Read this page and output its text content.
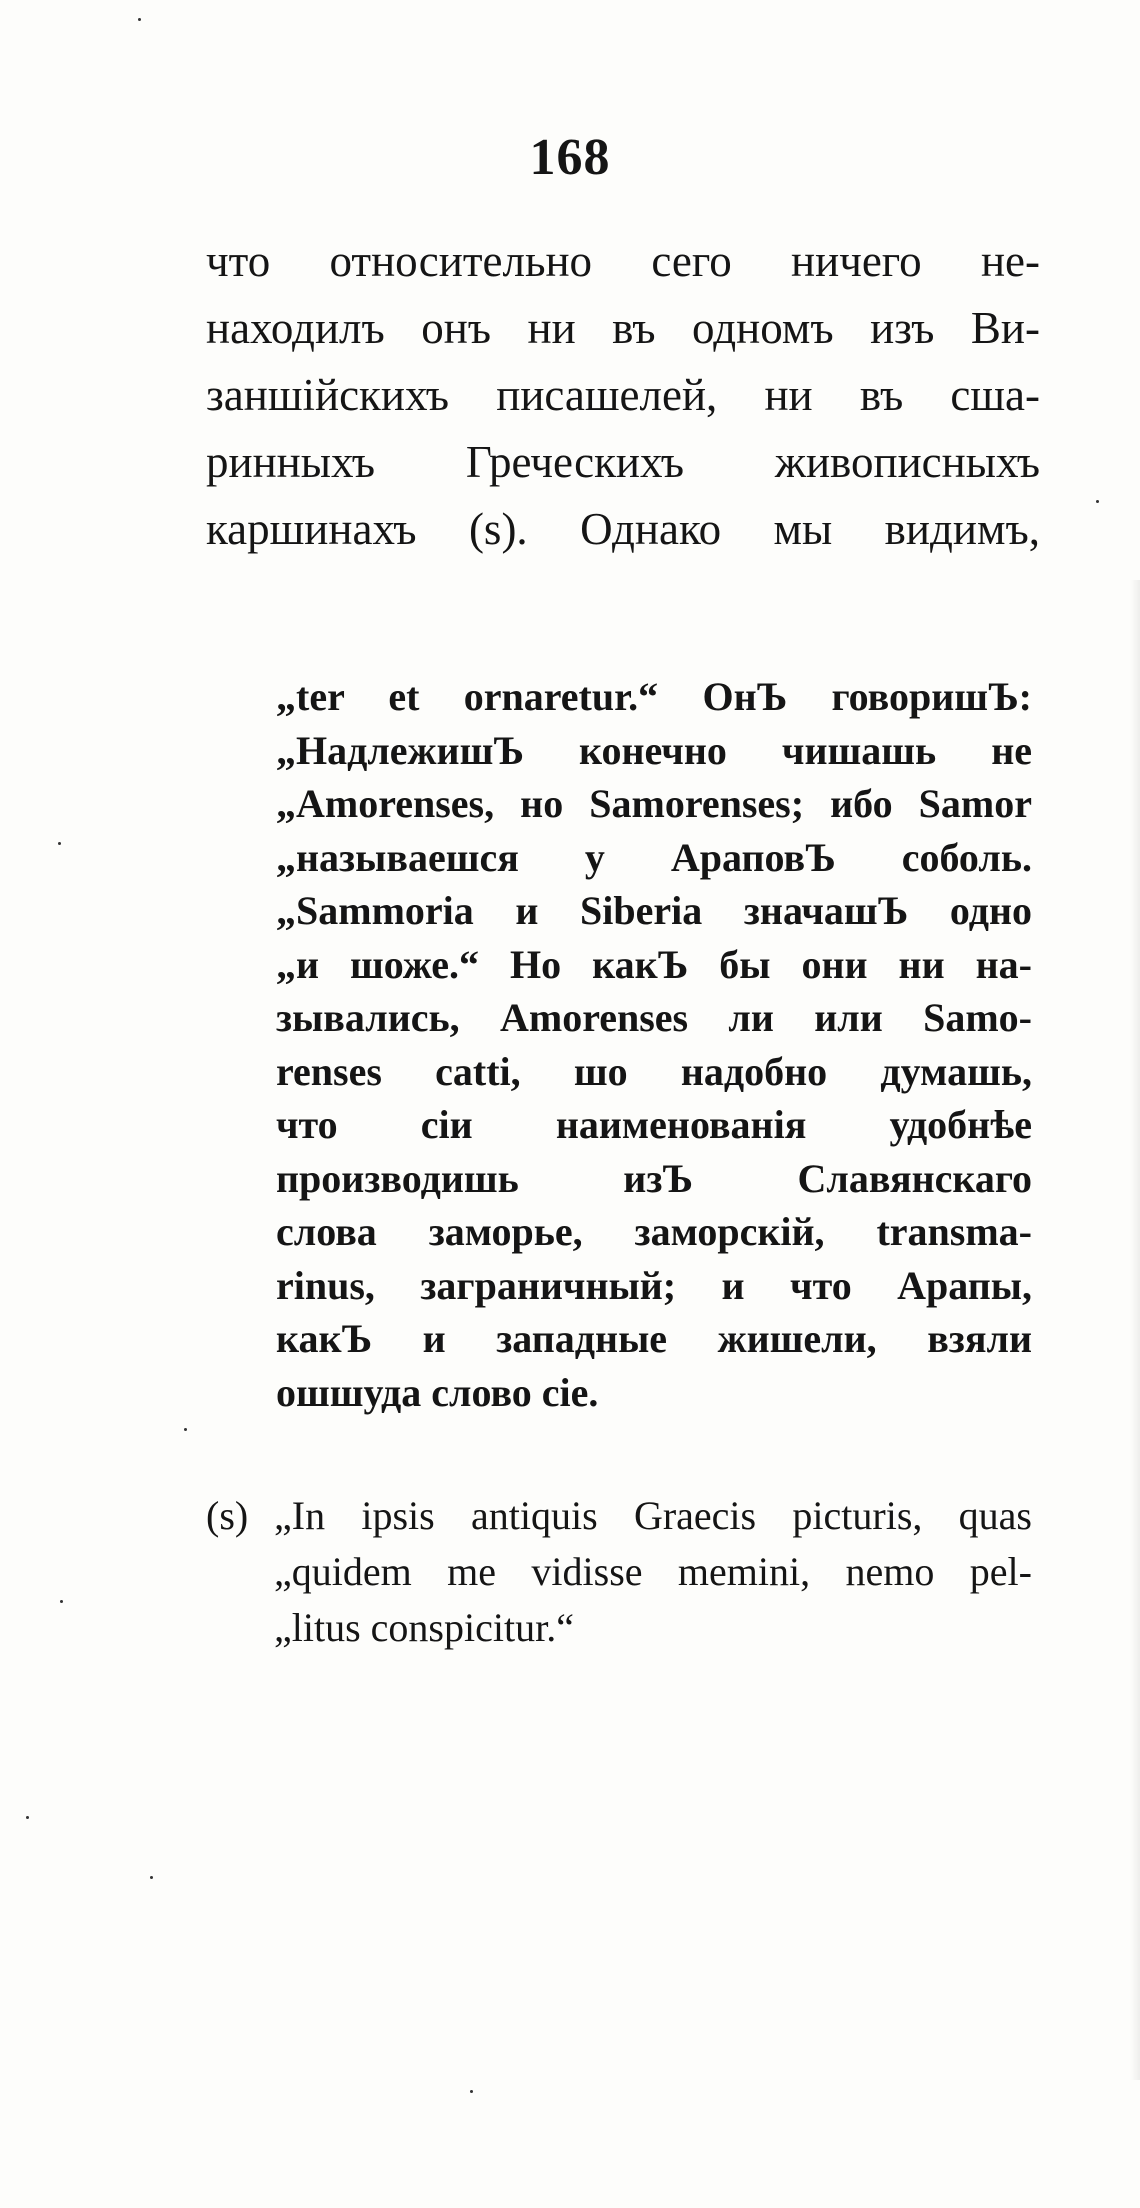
168
что относительно сего ничего не-
находилъ онъ ни въ одномъ изъ Ви-
заншійскихъ писашелей, ни въ сша-
ринныхъ Греческихъ живописныхъ
каршинахъ (s). Однако мы видимъ,
„ter et ornaretur.“ ОнЪ говоришЪ:
„НадлежишЪ конечно чишашь не
„Amorenses, но Samorenses; ибо Samor
„называешся у АраповЪ соболь.
„Sammoria и Siberia значашЪ одно
„и шоже.“ Но какЪ бы они ни на-
зывались, Amorenses ли или Samo-
renses catti, шо надобно думашь,
что сіи наименованія удобнѣе
производишь изЪ Славянскаго
слова заморье, заморскій, transma-
rinus, заграничный; и что Арапы,
какЪ и западные жишели, взяли
ошшуда слово сіе.
(s) „In ipsis antiquis Graecis picturis, quas
„quidem me vidisse memini, nemo pel-
„litus conspicitur.“
